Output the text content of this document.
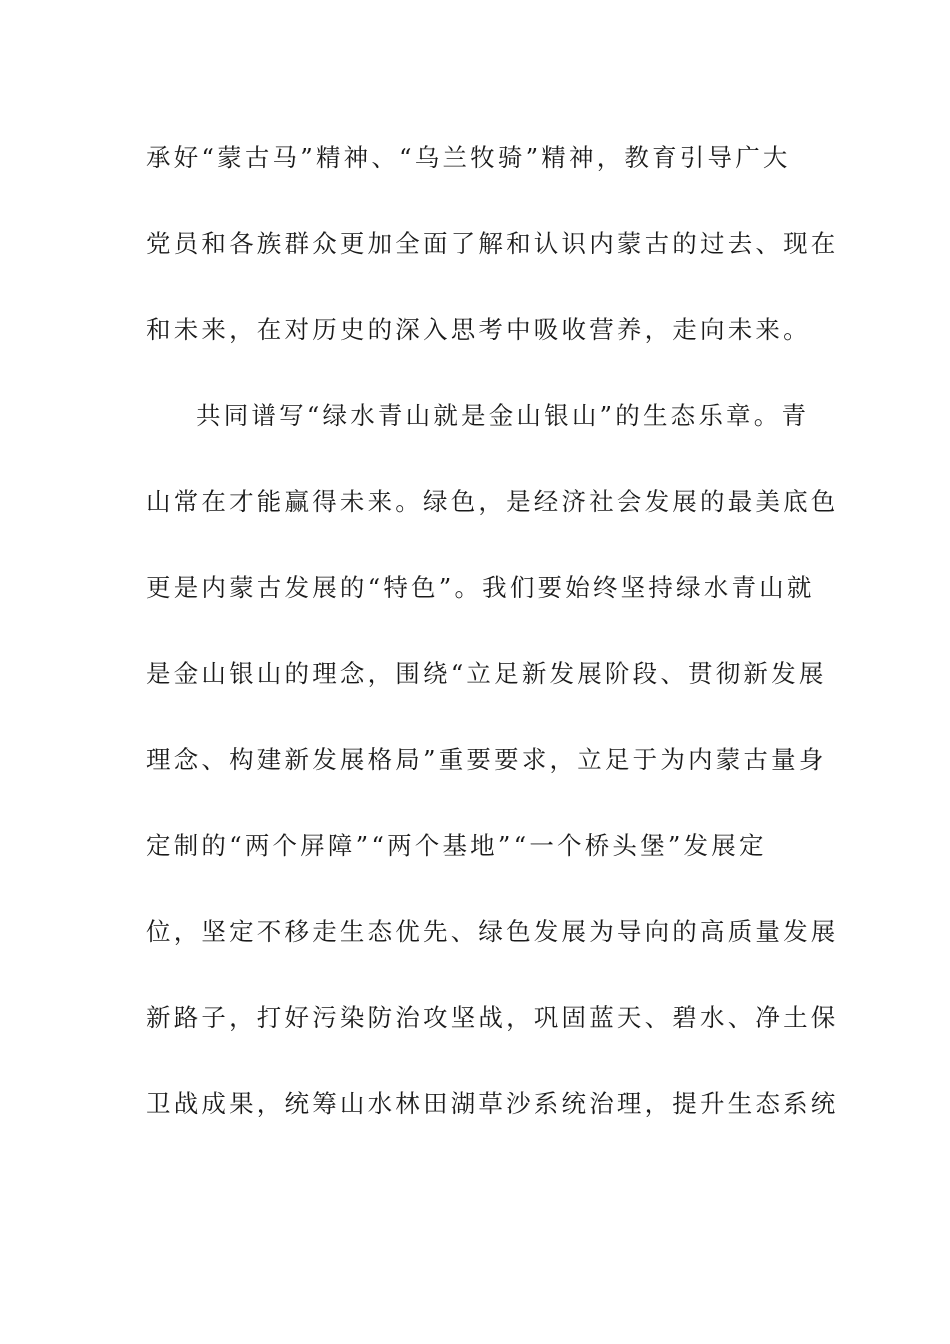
承好“蒙古马”精神、“乌兰牧骑”精神，教育引导广大
党员和各族群众更加全面了解和认识内蒙古的过去、现在
和未来，在对历史的深入思考中吸收营养，走向未来。
共同谱写“绿水青山就是金山银山”的生态乐章。青
山常在才能赢得未来。绿色，是经济社会发展的最美底色
更是内蒙古发展的“特色”。我们要始终坚持绿水青山就
是金山银山的理念，围绕“立足新发展阶段、贯彻新发展
理念、构建新发展格局”重要要求，立足于为内蒙古量身
定制的“两个屏障”“两个基地”“一个桥头堡”发展定
位，坚定不移走生态优先、绿色发展为导向的高质量发展
新路子，打好污染防治攻坚战，巩固蓝天、碧水、净土保
卫战成果，统筹山水林田湖草沙系统治理，提升生态系统
